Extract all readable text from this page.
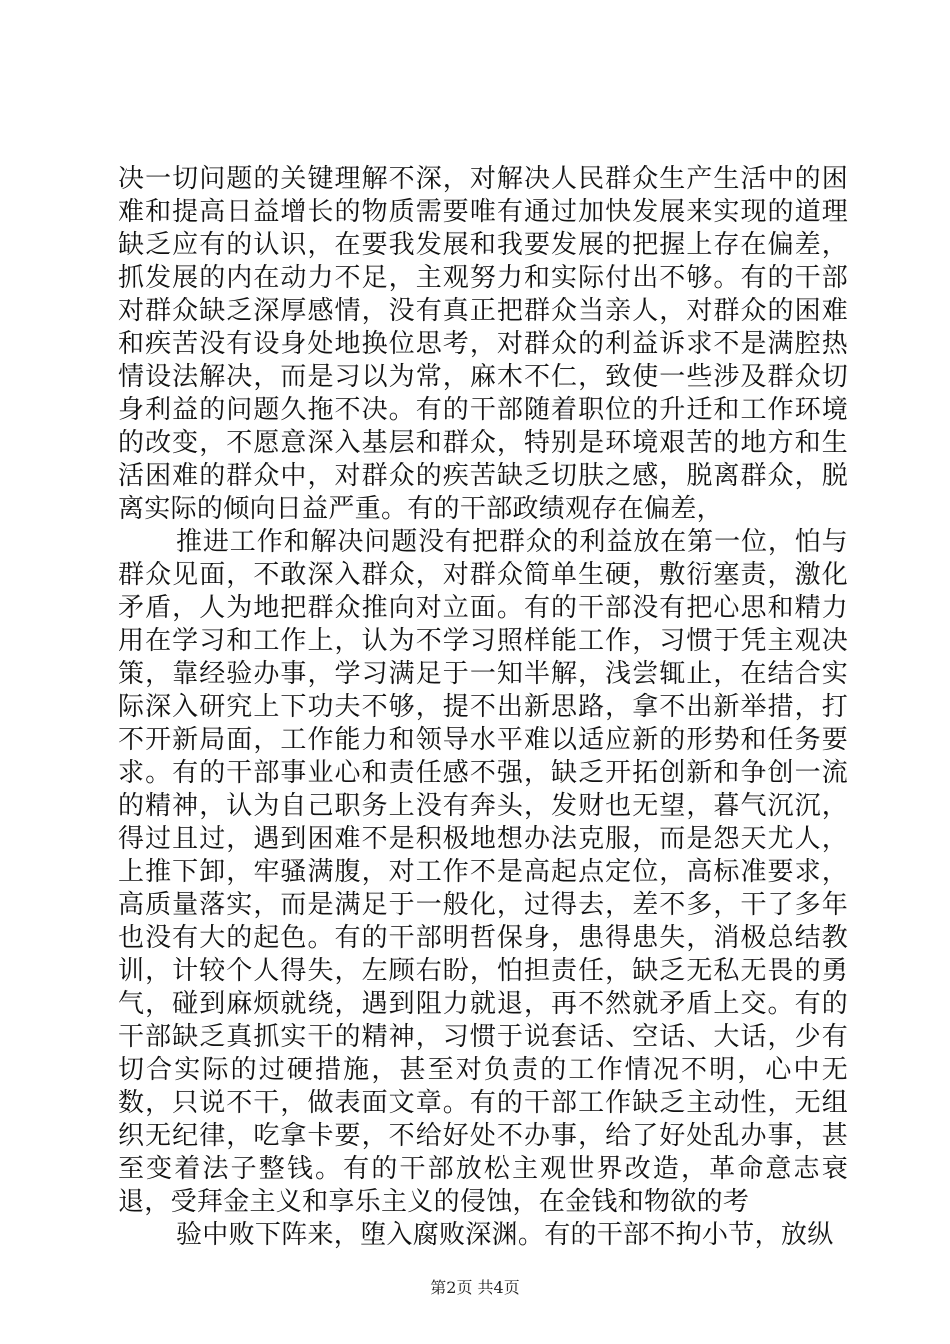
决一切问题的关键理解不深，对解决人民群众生产生活中的困难和提高日益增长的物质需要唯有通过加快发展来实现的道理缺乏应有的认识，在要我发展和我要发展的把握上存在偏差，抓发展的内在动力不足，主观努力和实际付出不够。有的干部对群众缺乏深厚感情，没有真正把群众当亲人，对群众的困难和疾苦没有设身处地换位思考，对群众的利益诉求不是满腔热情设法解决，而是习以为常，麻木不仁，致使一些涉及群众切身利益的问题久拖不决。有的干部随着职位的升迁和工作环境的改变，不愿意深入基层和群众，特别是环境艰苦的地方和生活困难的群众中，对群众的疾苦缺乏切肤之感，脱离群众，脱离实际的倾向日益严重。有的干部政绩观存在偏差，

推进工作和解决问题没有把群众的利益放在第一位，怕与群众见面，不敢深入群众，对群众简单生硬，敷衍塞责，激化矛盾，人为地把群众推向对立面。有的干部没有把心思和精力用在学习和工作上，认为不学习照样能工作，习惯于凭主观决策，靠经验办事，学习满足于一知半解，浅尝辄止，在结合实际深入研究上下功夫不够，提不出新思路，拿不出新举措，打不开新局面，工作能力和领导水平难以适应新的形势和任务要求。有的干部事业心和责任感不强，缺乏开拓创新和争创一流的精神，认为自己职务上没有奔头，发财也无望，暮气沉沉，得过且过，遇到困难不是积极地想办法克服，而是怨天尤人，上推下卸，牢骚满腹，对工作不是高起点定位，高标准要求，高质量落实，而是满足于一般化，过得去，差不多，干了多年也没有大的起色。有的干部明哲保身，患得患失，消极总结教训，计较个人得失，左顾右盼，怕担责任，缺乏无私无畏的勇气，碰到麻烦就绕，遇到阻力就退，再不然就矛盾上交。有的干部缺乏真抓实干的精神，习惯于说套话、空话、大话，少有切合实际的过硬措施，甚至对负责的工作情况不明，心中无数，只说不干，做表面文章。有的干部工作缺乏主动性，无组织无纪律，吃拿卡要，不给好处不办事，给了好处乱办事，甚至变着法子整钱。有的干部放松主观世界改造，革命意志衰退，受拜金主义和享乐主义的侵蚀，在金钱和物欲的考

验中败下阵来，堕入腐败深渊。有的干部不拘小节，放纵

第2页 共4页
